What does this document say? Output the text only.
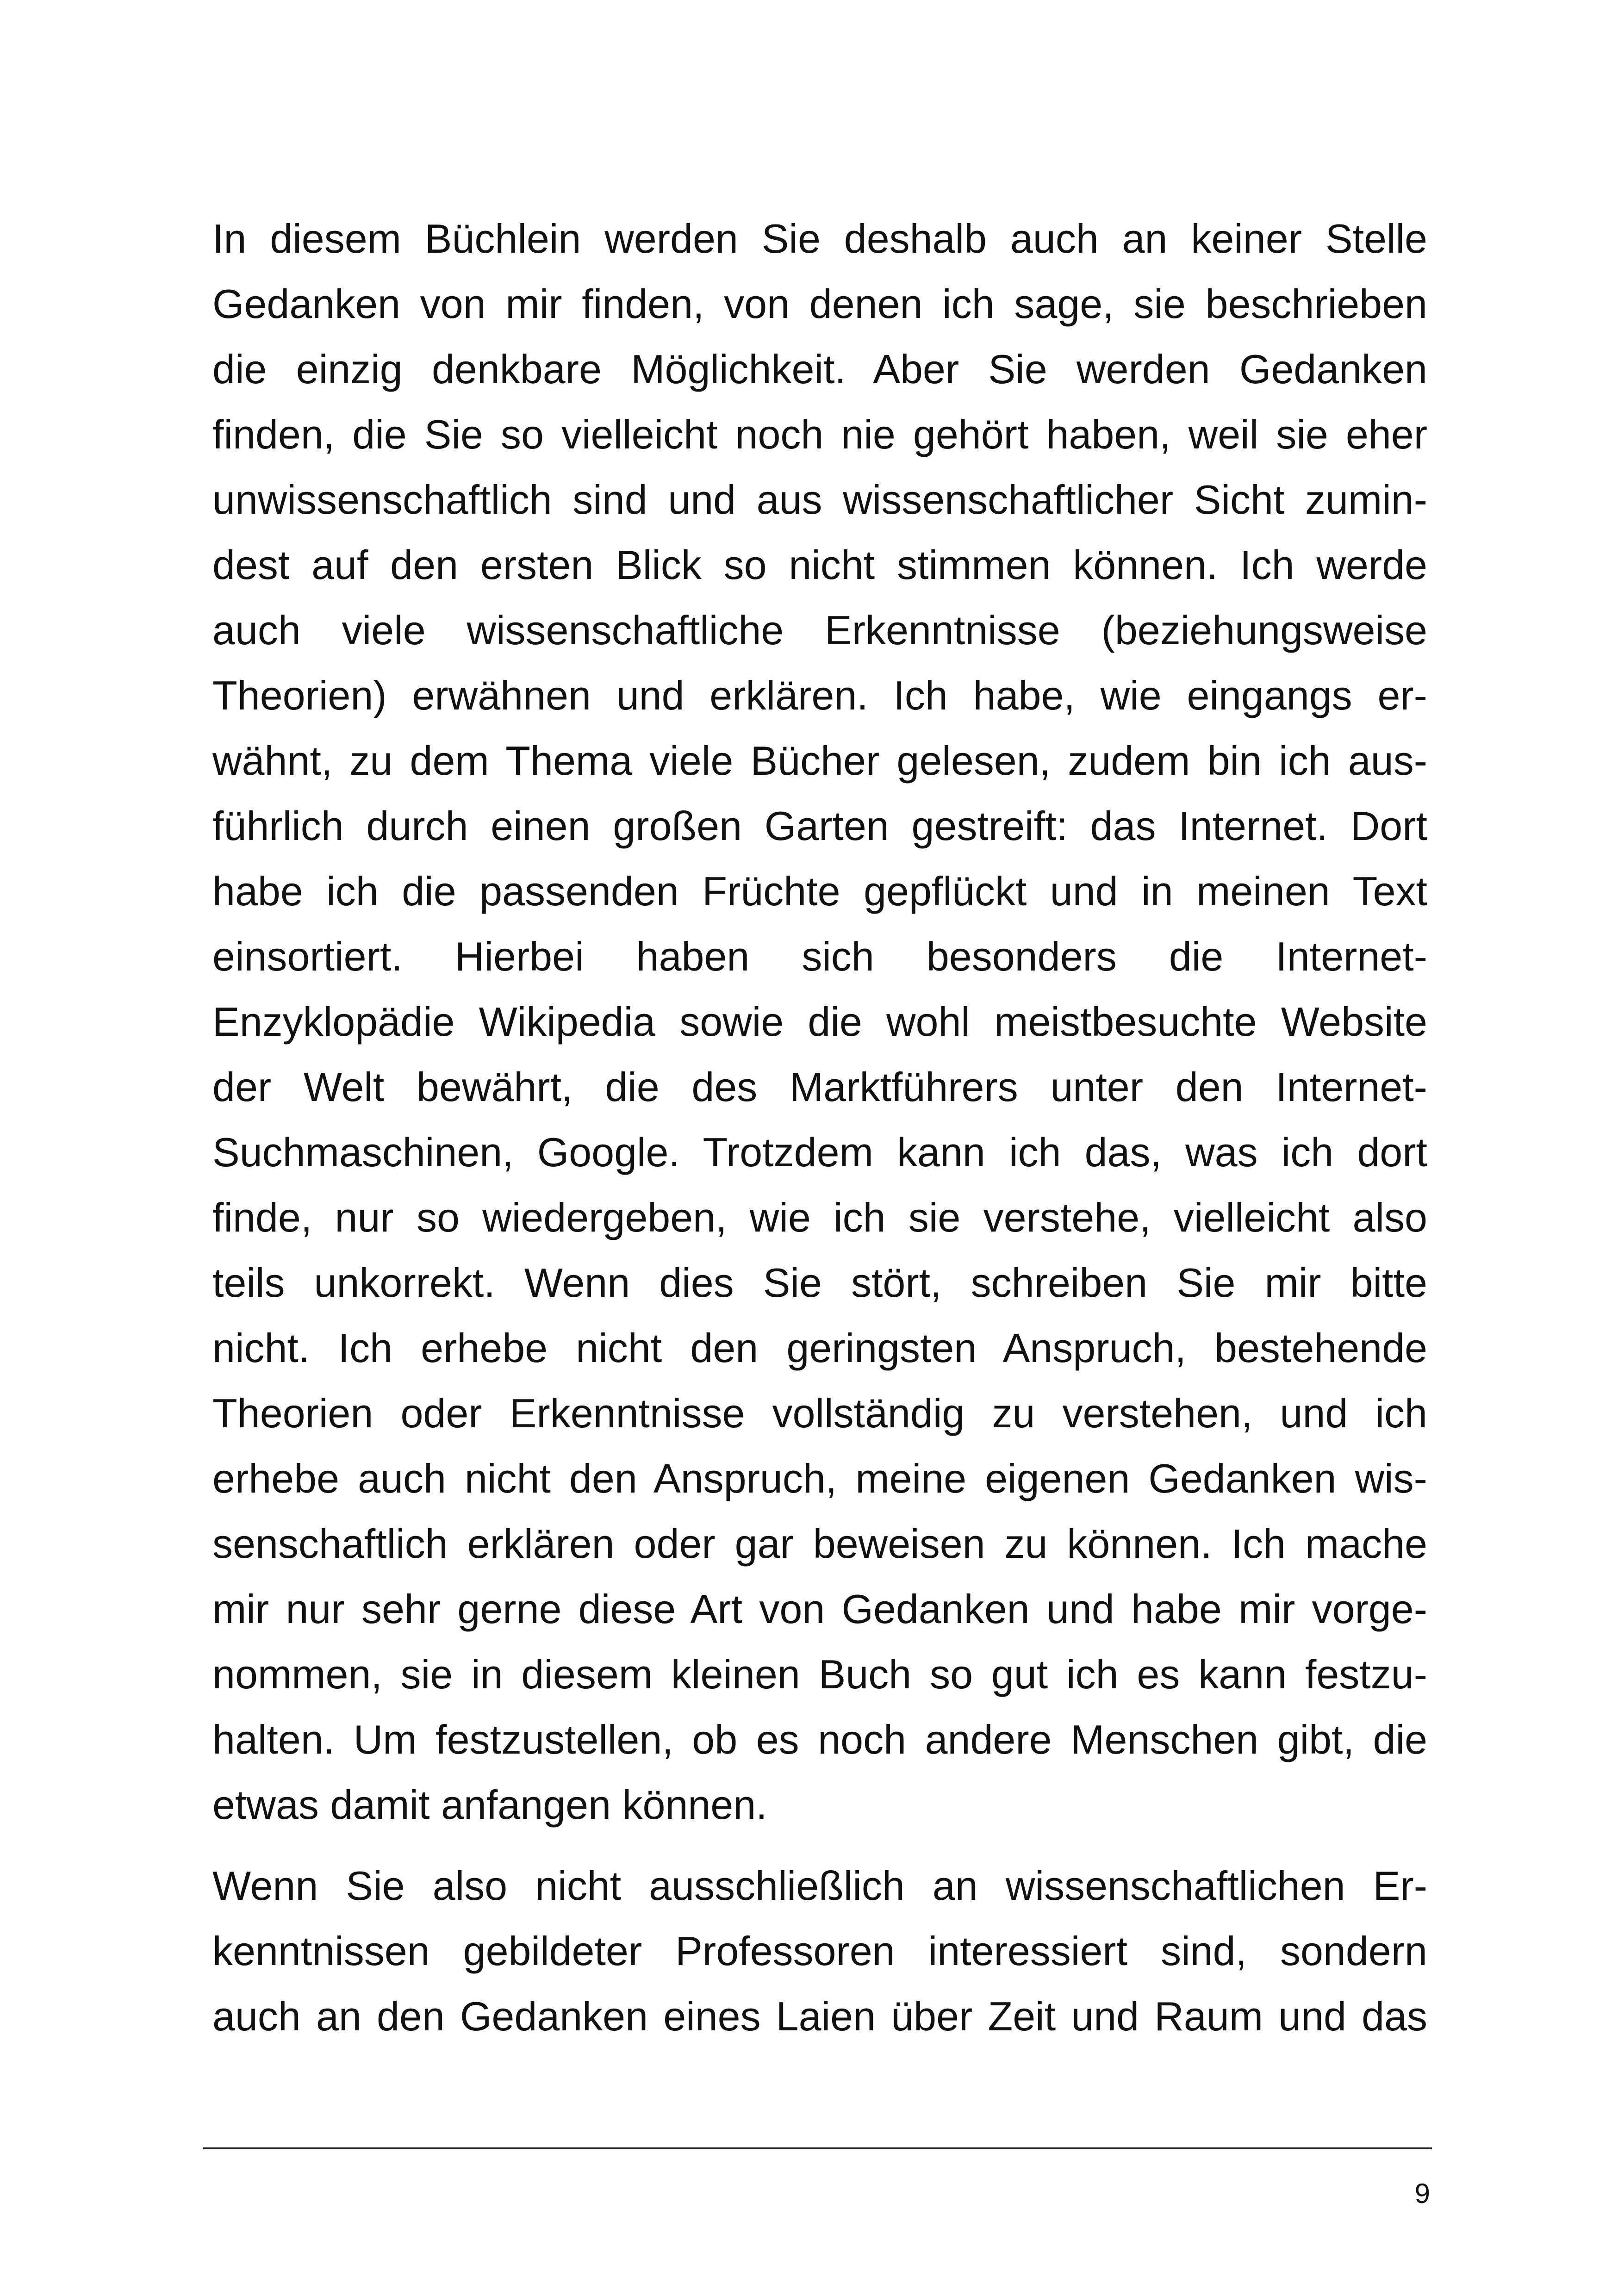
In diesem Büchlein werden Sie deshalb auch an keiner Stelle
Gedanken von mir finden, von denen ich sage, sie beschrieben
die einzig denkbare Möglichkeit. Aber Sie werden Gedanken
finden, die Sie so vielleicht noch nie gehört haben, weil sie eher
unwissenschaftlich sind und aus wissenschaftlicher Sicht zumin-
dest auf den ersten Blick so nicht stimmen können. Ich werde
auch viele wissenschaftliche Erkenntnisse (beziehungsweise
Theorien) erwähnen und erklären. Ich habe, wie eingangs er-
wähnt, zu dem Thema viele Bücher gelesen, zudem bin ich aus-
führlich durch einen großen Garten gestreift: das Internet. Dort
habe ich die passenden Früchte gepflückt und in meinen Text
einsortiert. Hierbei haben sich besonders die Internet-
Enzyklopädie Wikipedia sowie die wohl meistbesuchte Website
der Welt bewährt, die des Marktführers unter den Internet-
Suchmaschinen, Google. Trotzdem kann ich das, was ich dort
finde, nur so wiedergeben, wie ich sie verstehe, vielleicht also
teils unkorrekt. Wenn dies Sie stört, schreiben Sie mir bitte
nicht. Ich erhebe nicht den geringsten Anspruch, bestehende
Theorien oder Erkenntnisse vollständig zu verstehen, und ich
erhebe auch nicht den Anspruch, meine eigenen Gedanken wis-
senschaftlich erklären oder gar beweisen zu können. Ich mache
mir nur sehr gerne diese Art von Gedanken und habe mir vorge-
nommen, sie in diesem kleinen Buch so gut ich es kann festzu-
halten. Um festzustellen, ob es noch andere Menschen gibt, die
etwas damit anfangen können.
Wenn Sie also nicht ausschließlich an wissenschaftlichen Er-
kenntnissen gebildeter Professoren interessiert sind, sondern
auch an den Gedanken eines Laien über Zeit und Raum und das
9
